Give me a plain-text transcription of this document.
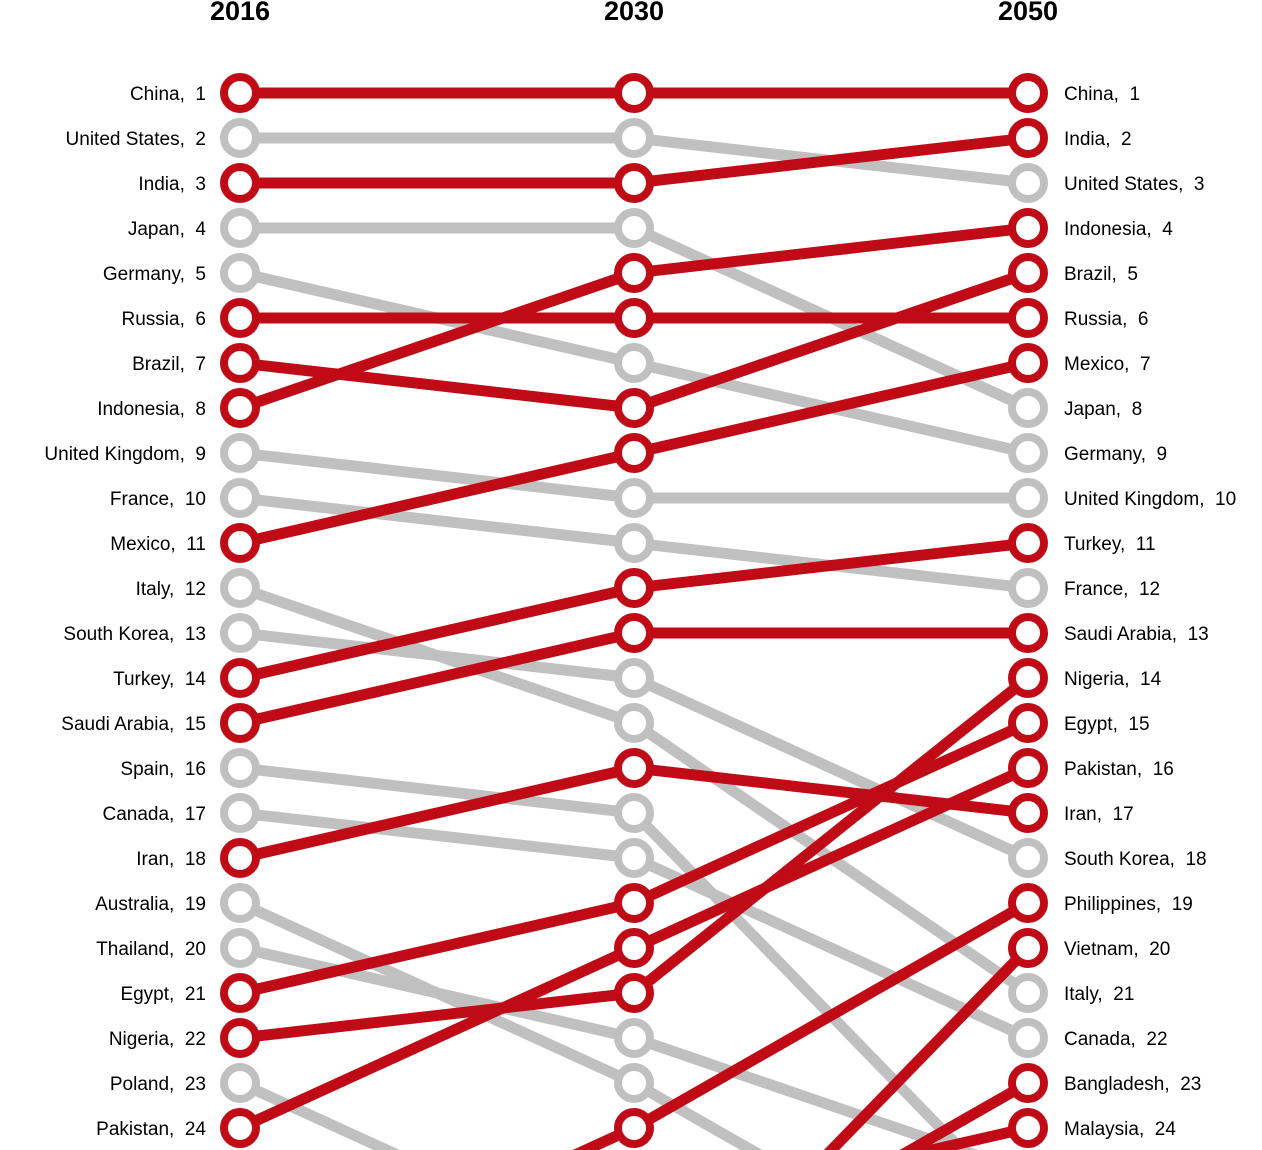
China,  1	China,  1
United States,  2
United States,  3
India,  3
India,  2
Japan,  4
Japan,  8
Germany,  5
Germany,  9
Russia,  6	Russia,  6
Brazil,  7
Brazil,  5
Indonesia,  8
Indonesia,  4
United Kingdom,  9
United Kingdom,  10
France,  10
France,  12
Mexico,  11
Mexico,  7
Italy,  12
Italy,  21
South Korea,  13
South Korea,  18
Turkey,  14
Turkey,  11
Saudi Arabia,  15
Saudi Arabia,  13
Spain,  16
Canada,  17
Canada,  22
Iran,  18
Iran,  17
Australia,  19
Thailand,  20
Egypt,  21
Egypt,  15
Nigeria,  22
Nigeria,  14
Poland,  23
Pakistan,  24
Pakistan,  16
Philippines,  19
Vietnam,  20
Bangladesh,  23
Malaysia,  24
2016	2030	2050
